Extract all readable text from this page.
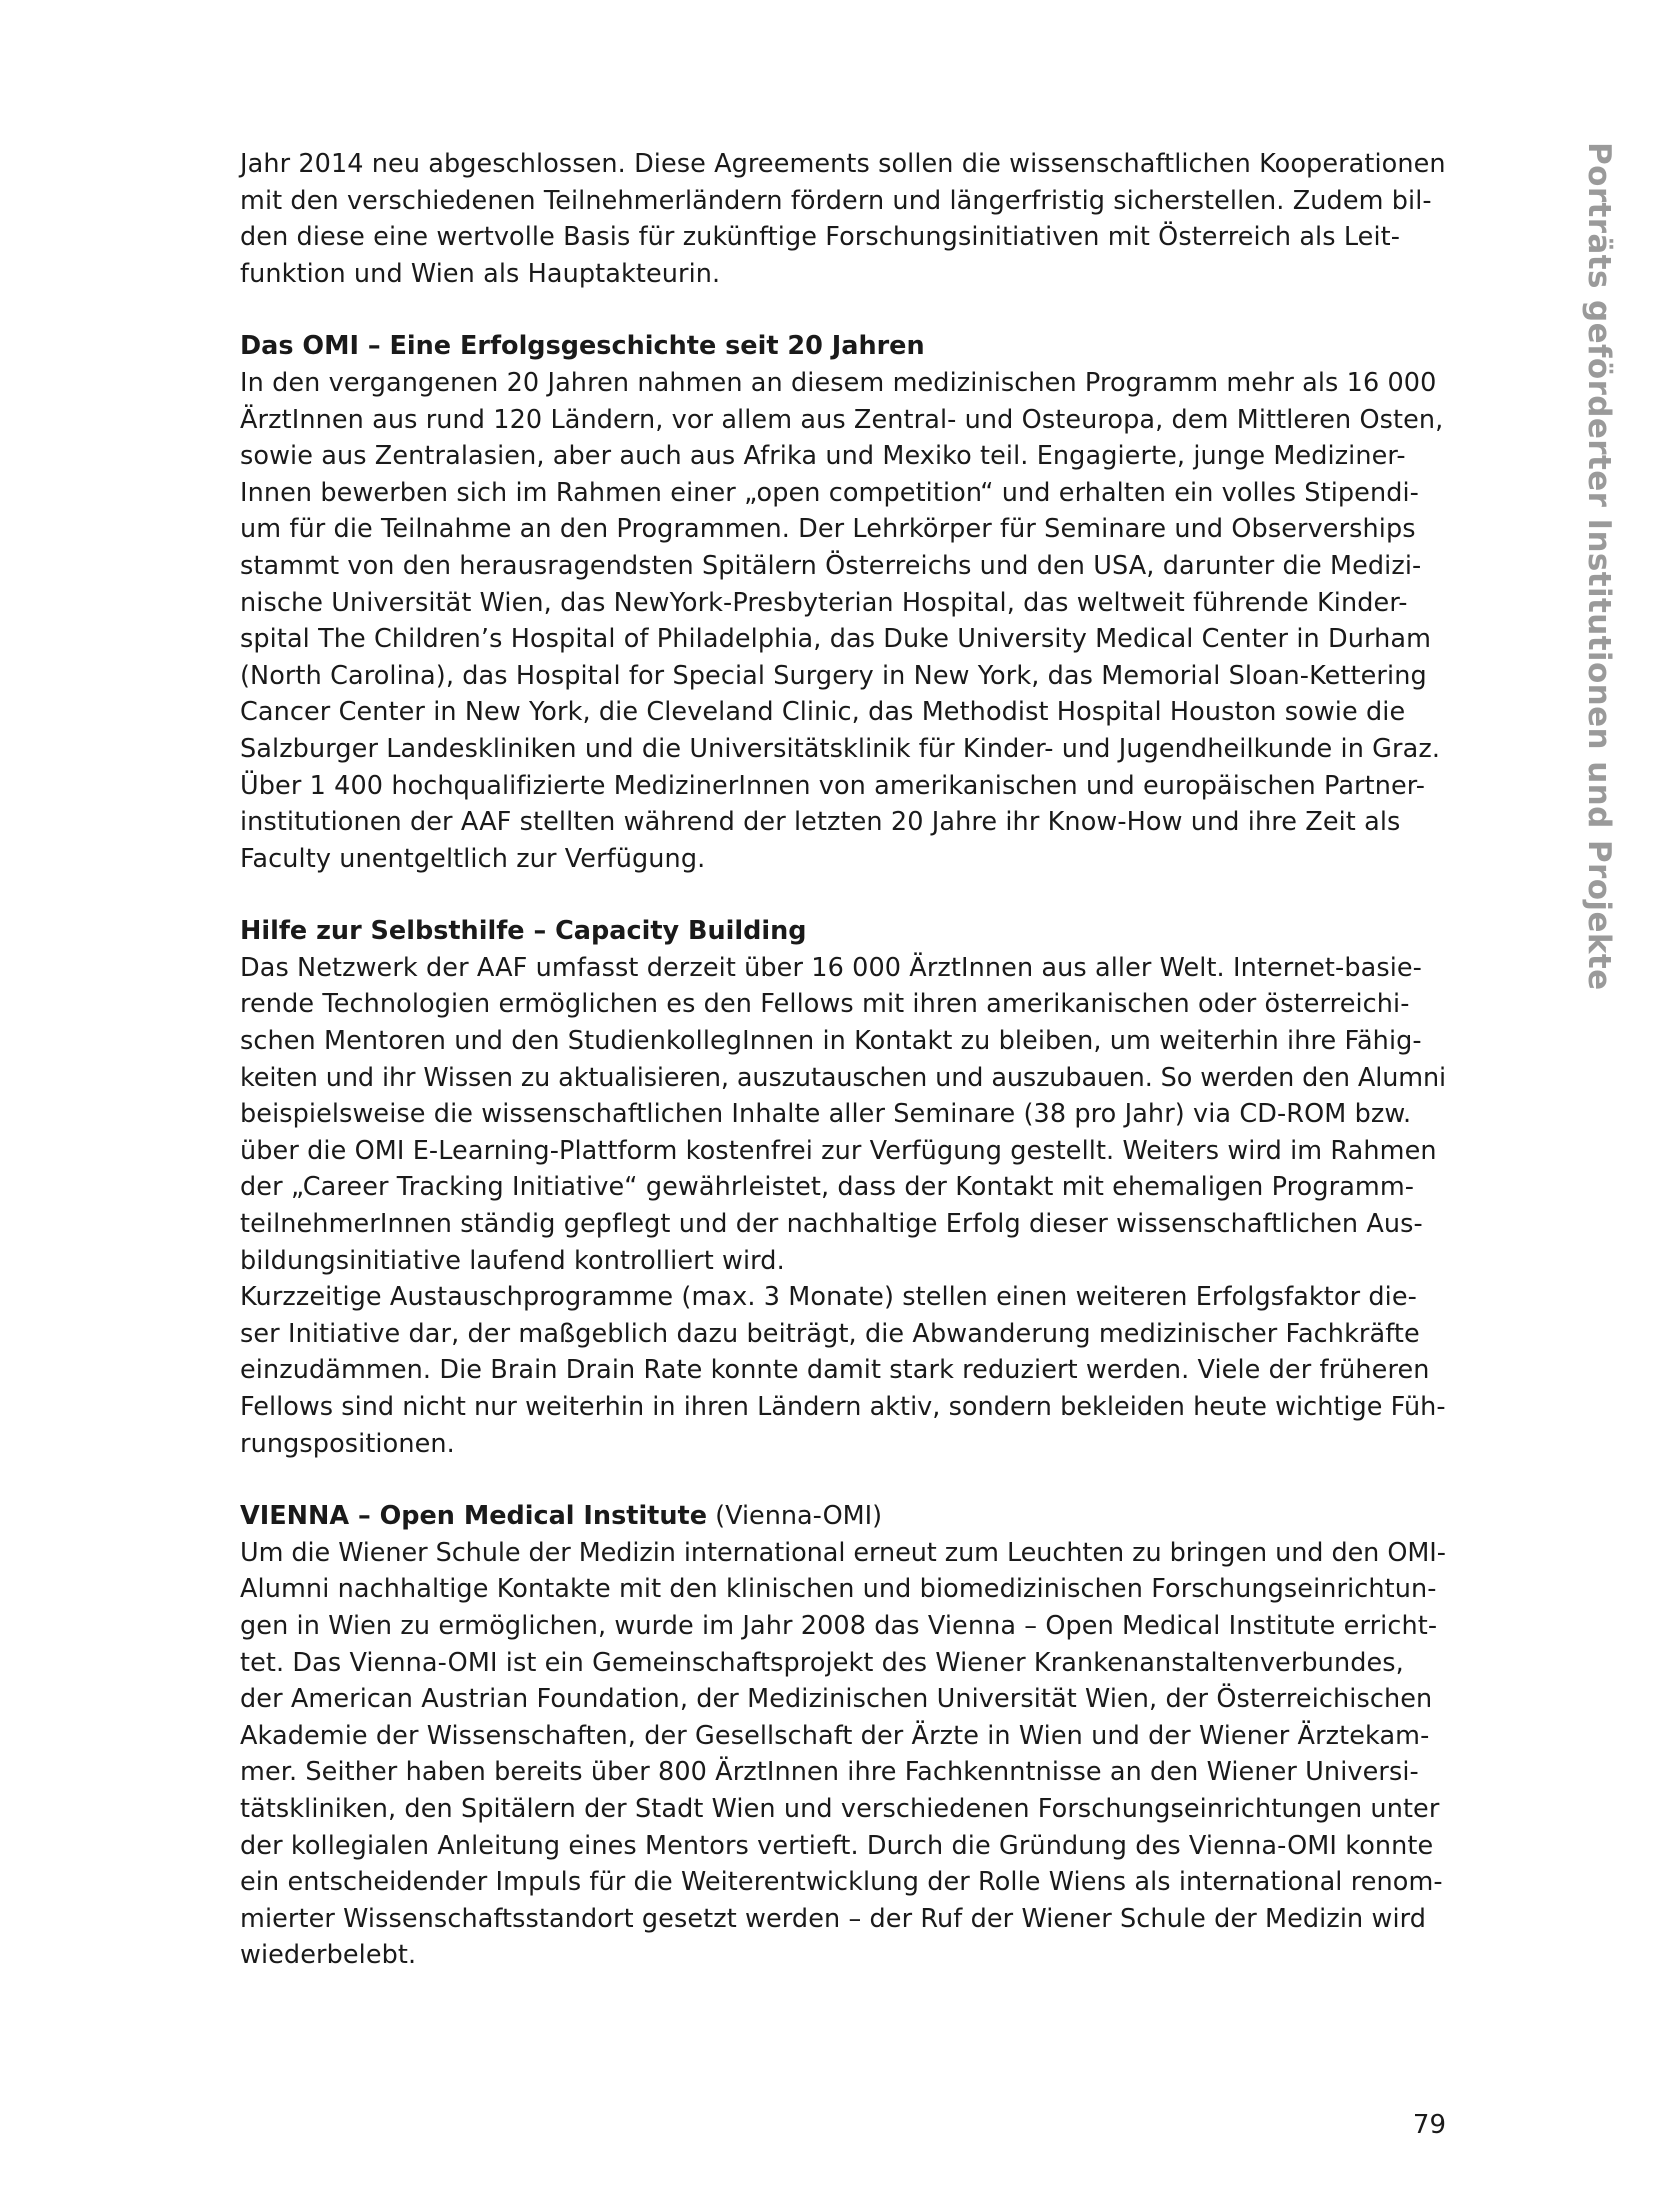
Porträts geförderter Institutionen und Projekte

Jahr 2014 neu abgeschlossen. Diese Agreements sollen die wissenschaftlichen Kooperationen
mit den verschiedenen Teilnehmerländern fördern und längerfristig sicherstellen. Zudem bil-
den diese eine wertvolle Basis für zukünftige Forschungsinitiativen mit Österreich als Leit-
funktion und Wien als Hauptakteurin.

Das OMI – Eine Erfolgsgeschichte seit 20 Jahren

In den vergangenen 20 Jahren nahmen an diesem medizinischen Programm mehr als 16 000
ÄrztInnen aus rund 120 Ländern, vor allem aus Zentral- und Osteuropa, dem Mittleren Osten,
sowie aus Zentralasien, aber auch aus Afrika und Mexiko teil. Engagierte, junge Mediziner-
Innen bewerben sich im Rahmen einer „open competition“ und erhalten ein volles Stipendi-
um für die Teilnahme an den Programmen. Der Lehrkörper für Seminare und Observerships
stammt von den herausragendsten Spitälern Österreichs und den USA, darunter die Medizi-
nische Universität Wien, das NewYork-Presbyterian Hospital, das weltweit führende Kinder-
spital The Children’s Hospital of Philadelphia, das Duke University Medical Center in Durham
(North Carolina), das Hospital for Special Surgery in New York, das Memorial Sloan-Kettering
Cancer Center in New York, die Cleveland Clinic, das Methodist Hospital Houston sowie die
Salzburger Landeskliniken und die Universitätsklinik für Kinder- und Jugendheilkunde in Graz.
Über 1 400 hochqualifizierte MedizinerInnen von amerikanischen und europäischen Partner-
institutionen der AAF stellten während der letzten 20 Jahre ihr Know-How und ihre Zeit als
Faculty unentgeltlich zur Verfügung.

Hilfe zur Selbsthilfe – Capacity Building

Das Netzwerk der AAF umfasst derzeit über 16 000 ÄrztInnen aus aller Welt. Internet-basie-
rende Technologien ermöglichen es den Fellows mit ihren amerikanischen oder österreichi-
schen Mentoren und den StudienkollegInnen in Kontakt zu bleiben, um weiterhin ihre Fähig-
keiten und ihr Wissen zu aktualisieren, auszutauschen und auszubauen. So werden den Alumni
beispielsweise die wissenschaftlichen Inhalte aller Seminare (38 pro Jahr) via CD-ROM bzw.
über die OMI E-Learning-Plattform kostenfrei zur Verfügung gestellt. Weiters wird im Rahmen
der „Career Tracking Initiative“ gewährleistet, dass der Kontakt mit ehemaligen Programm-
teilnehmerInnen ständig gepflegt und der nachhaltige Erfolg dieser wissenschaftlichen Aus-
bildungsinitiative laufend kontrolliert wird.

Kurzzeitige Austauschprogramme (max. 3 Monate) stellen einen weiteren Erfolgsfaktor die-
ser Initiative dar, der maßgeblich dazu beiträgt, die Abwanderung medizinischer Fachkräfte
einzudämmen. Die Brain Drain Rate konnte damit stark reduziert werden. Viele der früheren
Fellows sind nicht nur weiterhin in ihren Ländern aktiv, sondern bekleiden heute wichtige Füh-
rungspositionen.

VIENNA – Open Medical Institute (Vienna-OMI)

Um die Wiener Schule der Medizin international erneut zum Leuchten zu bringen und den OMI-
Alumni nachhaltige Kontakte mit den klinischen und biomedizinischen Forschungseinrichtun-
gen in Wien zu ermöglichen, wurde im Jahr 2008 das Vienna – Open Medical Institute erricht-
tet. Das Vienna-OMI ist ein Gemeinschaftsprojekt des Wiener Krankenanstaltenverbundes,
der American Austrian Foundation, der Medizinischen Universität Wien, der Österreichischen
Akademie der Wissenschaften, der Gesellschaft der Ärzte in Wien und der Wiener Ärztekam-
mer. Seither haben bereits über 800 ÄrztInnen ihre Fachkenntnisse an den Wiener Universi-
tätskliniken, den Spitälern der Stadt Wien und verschiedenen Forschungseinrichtungen unter
der kollegialen Anleitung eines Mentors vertieft. Durch die Gründung des Vienna-OMI konnte
ein entscheidender Impuls für die Weiterentwicklung der Rolle Wiens als international renom-
mierter Wissenschaftsstandort gesetzt werden – der Ruf der Wiener Schule der Medizin wird
wiederbelebt.

79
